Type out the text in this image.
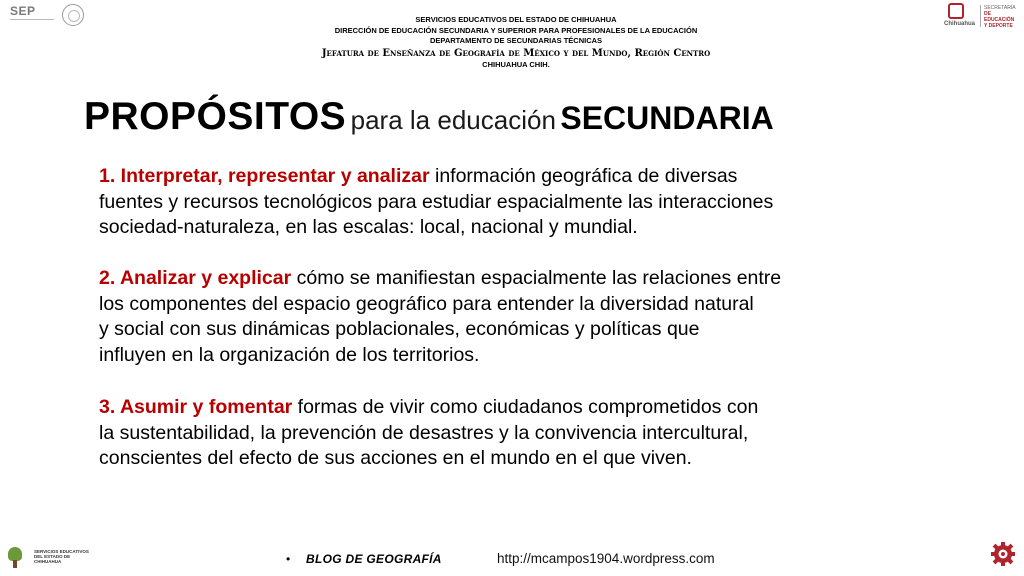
SEP
Chihuahua
SECRETARÍA
DE EDUCACIÓN
Y DEPORTE
SERVICIOS EDUCATIVOS DEL ESTADO DE CHIHUAHUA
DIRECCIÓN DE EDUCACIÓN SECUNDARIA Y SUPERIOR PARA PROFESIONALES DE LA EDUCACIÓN
DEPARTAMENTO DE SECUNDARIAS TÉCNICAS
Jefatura de Enseñanza de Geografía de México y del Mundo, Región Centro
CHIHUAHUA CHIH.
PROPÓSITOS para la educación SECUNDARIA
1. Interpretar, representar y analizar información geográfica de diversas
fuentes y recursos tecnológicos para estudiar espacialmente las interacciones
sociedad-naturaleza, en las escalas: local, nacional y mundial.
2. Analizar y explicar cómo se manifiestan espacialmente las relaciones entre
los componentes del espacio geográfico para entender la diversidad natural
y social con sus dinámicas poblacionales, económicas y políticas que
influyen en la organización de los territorios.
3. Asumir y fomentar formas de vivir como ciudadanos comprometidos con
la sustentabilidad, la prevención de desastres y la convivencia intercultural,
conscientes del efecto de sus acciones en el mundo en el que viven.
SERVICIOS EDUCATIVOS
DEL ESTADO DE
CHIHUAHUA	• BLOG DE GEOGRAFÍA	http://mcampos1904.wordpress.com
